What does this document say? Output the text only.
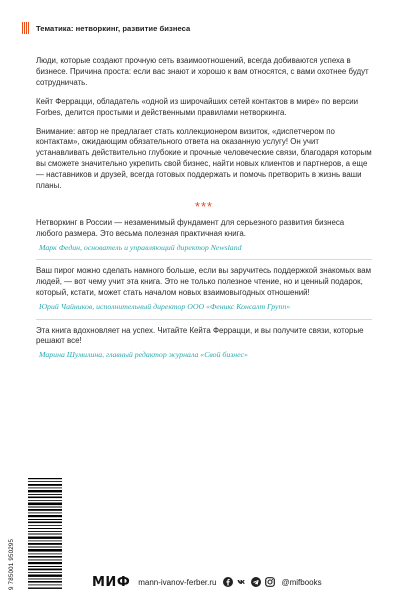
Тематика: нетворкинг, развитие бизнеса

Люди, которые создают прочную сеть взаимоотношений, всегда добиваются успеха в бизнесе. Причина проста: если вас знают и хорошо к вам относятся, с вами охотнее будут сотрудничать.

Кейт Феррацци, обладатель «одной из широчайших сетей контактов в мире» по версии Forbes, делится простыми и действенными правилами нетворкинга.

Внимание: автор не предлагает стать коллекционером визиток, «диспетчером по контактам», ожидающим обязательного ответа на оказанную услугу! Он учит устанавливать действительно глубокие и прочные человеческие связи, благодаря которым вы сможете значительно укрепить свой бизнес, найти новых клиентов и партнеров, а еще — наставников и друзей, всегда готовых поддержать и помочь претворить в жизнь ваши планы.

***

Нетворкинг в России — незаменимый фундамент для серьезного развития бизнеса любого размера. Это весьма полезная практичная книга.

Марк Федин, основатель и управляющий директор Newsland

Ваш пирог можно сделать намного больше, если вы заручитесь поддержкой знакомых вам людей, — вот чему учит эта книга. Это не только полезное чтение, но и ценный подарок, который, кстати, может стать началом новых взаимовыгодных отношений!

Юрий Чайников, исполнительный директор ООО «Феникс Консалт Групп»

Эта книга вдохновляет на успех. Читайте Кейта Феррацци, и вы получите связи, которые решают все!

Марина Шумилина, главный редактор журнала «Свой бизнес»
9 785001 950295	МИФ mann-ivanov-ferber.ru	@mifbooks
